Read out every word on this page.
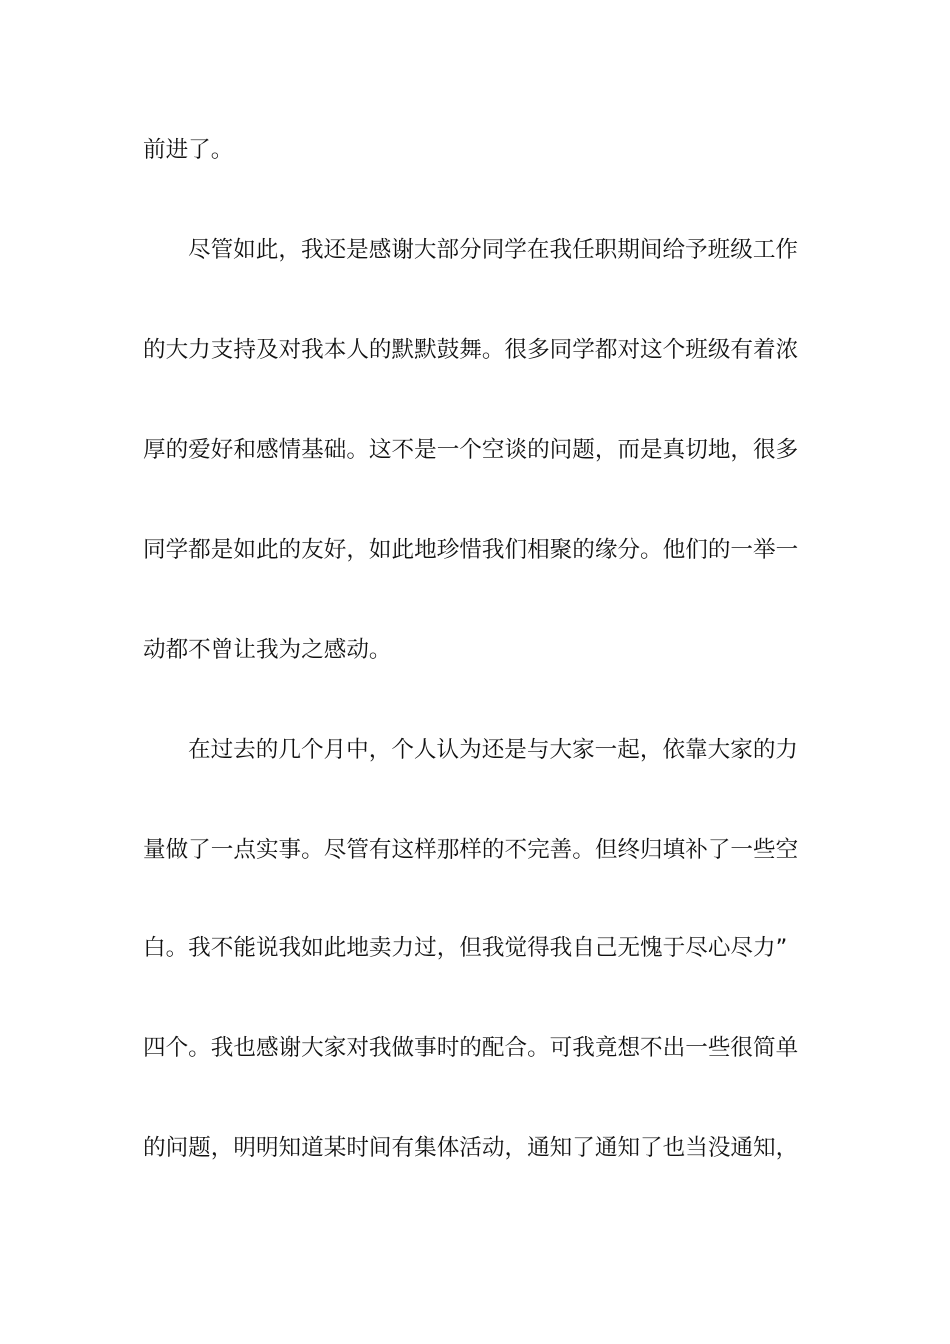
前进了。
尽管如此，我还是感谢大部分同学在我任职期间给予班级工作
的大力支持及对我本人的默默鼓舞。很多同学都对这个班级有着浓
厚的爱好和感情基础。这不是一个空谈的问题，而是真切地，很多
同学都是如此的友好，如此地珍惜我们相聚的缘分。他们的一举一
动都不曾让我为之感动。
在过去的几个月中，个人认为还是与大家一起，依靠大家的力
量做了一点实事。尽管有这样那样的不完善。但终归填补了一些空
白。我不能说我如此地卖力过，但我觉得我自己无愧于尽心尽力”
四个。我也感谢大家对我做事时的配合。可我竟想不出一些很简单
的问题，明明知道某时间有集体活动，通知了通知了也当没通知，
